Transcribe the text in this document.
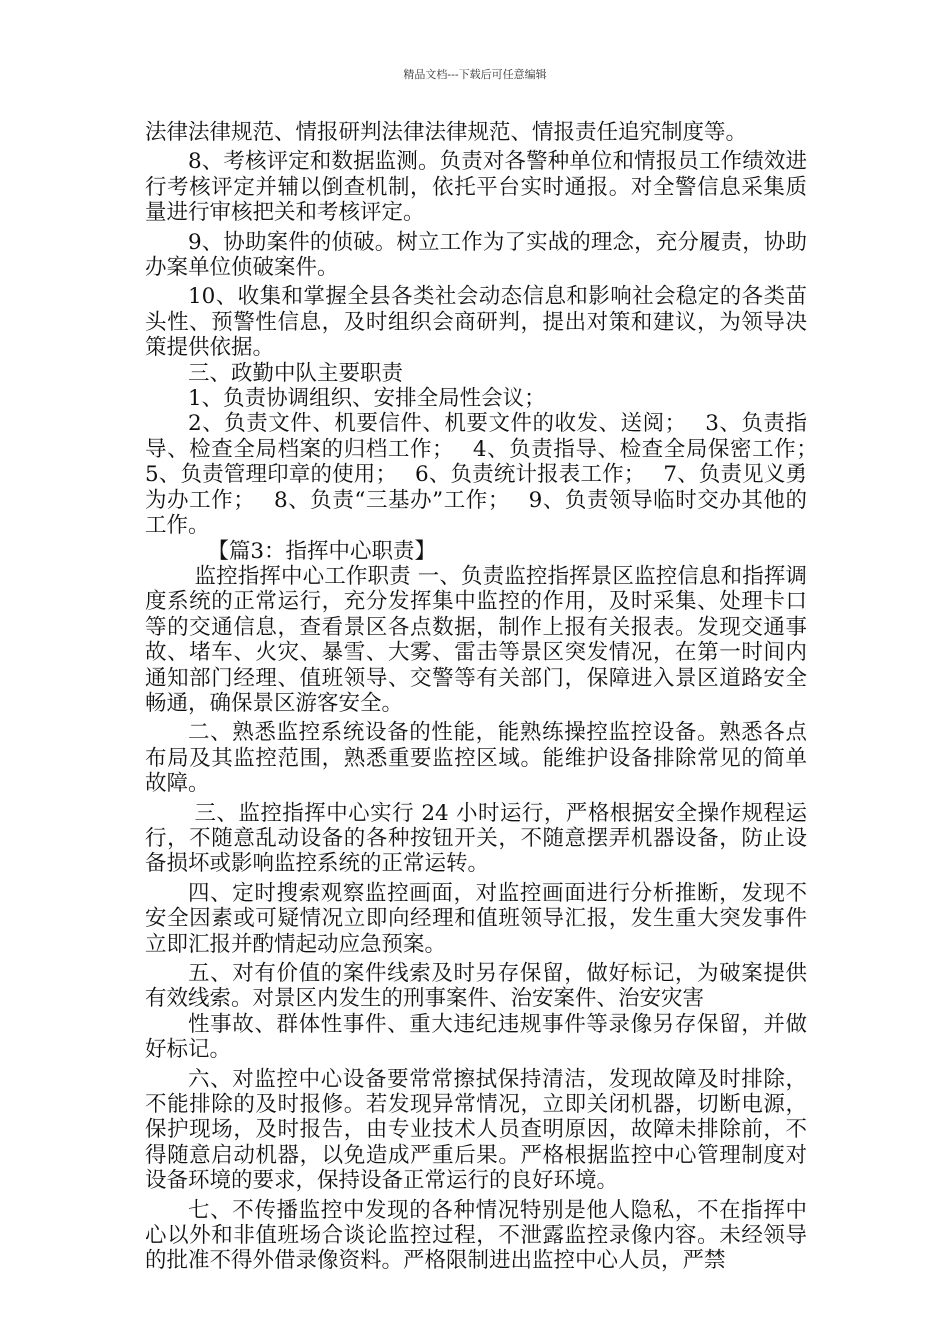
精品文档---下载后可任意编辑

法律法律规范、情报研判法律法律规范、情报责任追究制度等。

8、考核评定和数据监测。负责对各警种单位和情报员工作绩效进行考核评定并辅以倒查机制，依托平台实时通报。对全警信息采集质量进行审核把关和考核评定。

9、协助案件的侦破。树立工作为了实战的理念，充分履责，协助办案单位侦破案件。

10、收集和掌握全县各类社会动态信息和影响社会稳定的各类苗头性、预警性信息，及时组织会商研判，提出对策和建议，为领导决策提供依据。

三、政勤中队主要职责

1、负责协调组织、安排全局性会议；

2、负责文件、机要信件、机要文件的收发、送阅；　 3、负责指导、检查全局档案的归档工作；　 4、负责指导、检查全局保密工作；　 5、负责管理印章的使用；　 6、负责统计报表工作；　 7、负责见义勇为办工作；　 8、负责“三基办”工作；　 9、负责领导临时交办其他的工作。

【篇3：指挥中心职责】

监控指挥中心工作职责 一、负责监控指挥景区监控信息和指挥调度系统的正常运行，充分发挥集中监控的作用，及时采集、处理卡口等的交通信息，查看景区各点数据，制作上报有关报表。发现交通事故、堵车、火灾、暴雪、大雾、雷击等景区突发情况，在第一时间内通知部门经理、值班领导、交警等有关部门，保障进入景区道路安全畅通，确保景区游客安全。

二、熟悉监控系统设备的性能，能熟练操控监控设备。熟悉各点布局及其监控范围，熟悉重要监控区域。能维护设备排除常见的简单故障。

三、监控指挥中心实行 24 小时运行，严格根据安全操作规程运行，不随意乱动设备的各种按钮开关，不随意摆弄机器设备，防止设备损坏或影响监控系统的正常运转。

四、定时搜索观察监控画面，对监控画面进行分析推断，发现不安全因素或可疑情况立即向经理和值班领导汇报，发生重大突发事件立即汇报并酌情起动应急预案。

五、对有价值的案件线索及时另存保留，做好标记，为破案提供有效线索。对景区内发生的刑事案件、治安案件、治安灾害

性事故、群体性事件、重大违纪违规事件等录像另存保留，并做好标记。

六、对监控中心设备要常常擦拭保持清洁，发现故障及时排除，不能排除的及时报修。若发现异常情况，立即关闭机器，切断电源，保护现场，及时报告，由专业技术人员查明原因，故障未排除前，不得随意启动机器，以免造成严重后果。严格根据监控中心管理制度对设备环境的要求，保持设备正常运行的良好环境。

七、不传播监控中发现的各种情况特别是他人隐私，不在指挥中心以外和非值班场合谈论监控过程，不泄露监控录像内容。未经领导的批准不得外借录像资料。严格限制进出监控中心人员，严禁
